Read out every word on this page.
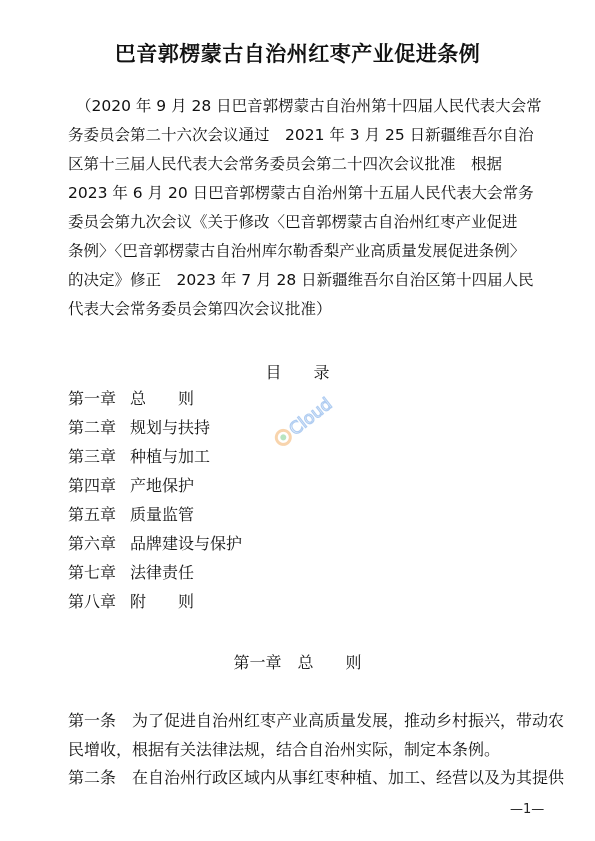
巴音郭楞蒙古自治州红枣产业促进条例
（2020 年 9 月 28 日巴音郭楞蒙古自治州第十四届人民代表大会常
务委员会第二十六次会议通过　2021 年 3 月 25 日新疆维吾尔自治
区第十三届人民代表大会常务委员会第二十四次会议批准　根据
2023 年 6 月 20 日巴音郭楞蒙古自治州第十五届人民代表大会常务
委员会第九次会议《关于修改〈巴音郭楞蒙古自治州红枣产业促进
条例〉〈巴音郭楞蒙古自治州库尔勒香梨产业高质量发展促进条例〉
的决定》修正　2023 年 7 月 28 日新疆维吾尔自治区第十四届人民
代表大会常务委员会第四次会议批准）
目　　录
第一章 总　　则
第二章 规划与扶持
第三章 种植与加工
第四章 产地保护
第五章 质量监管
第六章 品牌建设与保护
第七章 法律责任
第八章 附　　则
Cloud
第一章　总　　则
　　第一条　为了促进自治州红枣产业高质量发展，推动乡村振兴，带动农
民增收，根据有关法律法规，结合自治州实际，制定本条例。
　　第二条　在自治州行政区域内从事红枣种植、加工、经营以及为其提供
—1—
